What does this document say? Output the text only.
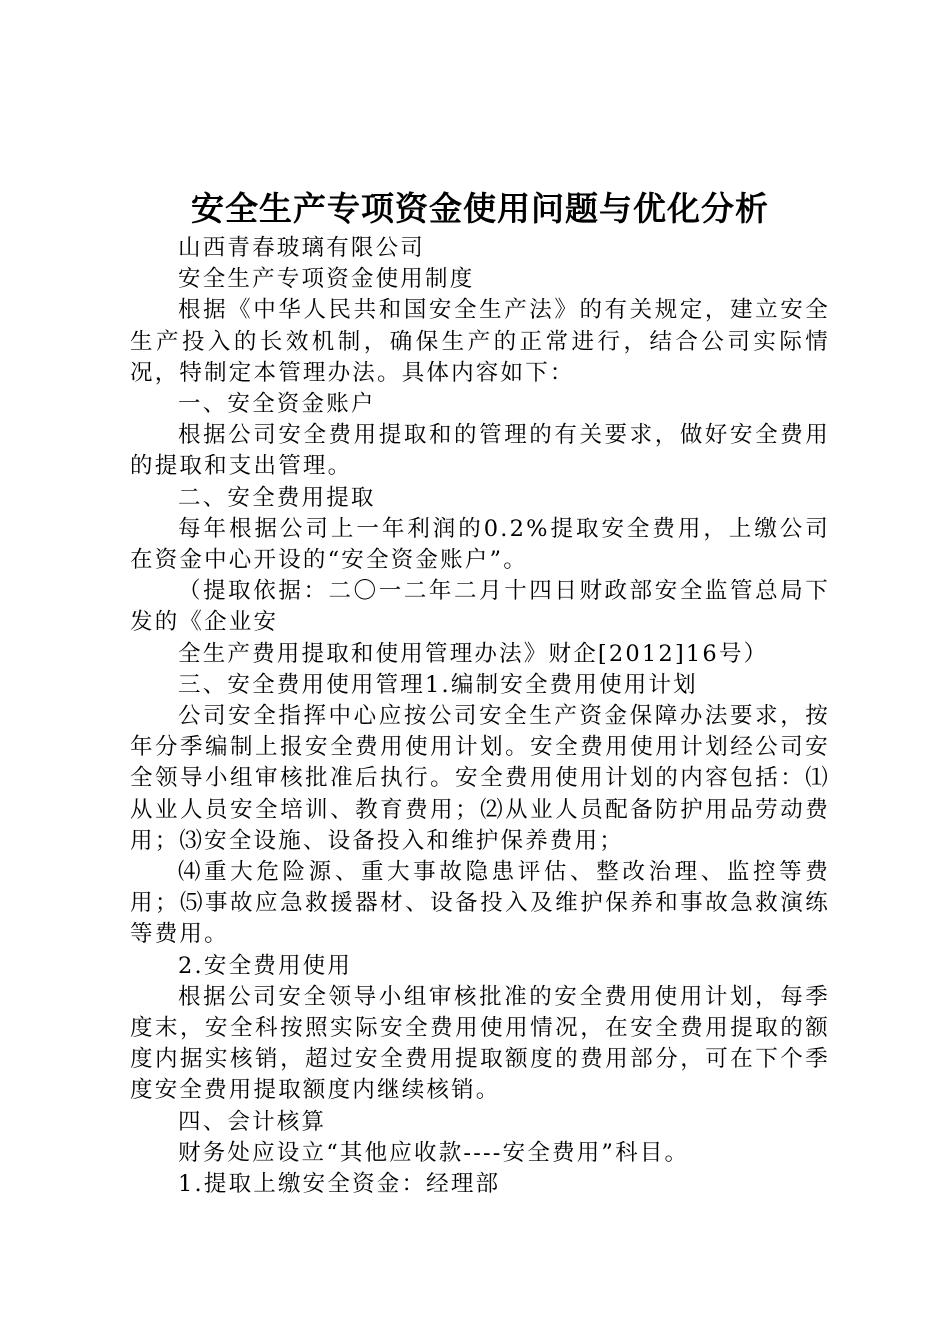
安全生产专项资金使用问题与优化分析

山西青春玻璃有限公司

安全生产专项资金使用制度

根据《中华人民共和国安全生产法》的有关规定，建立安全生产投入的长效机制，确保生产的正常进行，结合公司实际情况，特制定本管理办法。具体内容如下：

一、安全资金账户

根据公司安全费用提取和的管理的有关要求，做好安全费用的提取和支出管理。

二、安全费用提取

每年根据公司上一年利润的0.2%提取安全费用，上缴公司在资金中心开设的“安全资金账户”。

（提取依据：二〇一二年二月十四日财政部安全监管总局下发的《企业安

全生产费用提取和使用管理办法》财企[2012]16号）

三、安全费用使用管理1.编制安全费用使用计划

公司安全指挥中心应按公司安全生产资金保障办法要求，按年分季编制上报安全费用使用计划。安全费用使用计划经公司安全领导小组审核批准后执行。安全费用使用计划的内容包括：⑴从业人员安全培训、教育费用；⑵从业人员配备防护用品劳动费用；⑶安全设施、设备投入和维护保养费用；

⑷重大危险源、重大事故隐患评估、整改治理、监控等费用；⑸事故应急救援器材、设备投入及维护保养和事故急救演练等费用。

2.安全费用使用

根据公司安全领导小组审核批准的安全费用使用计划，每季度末，安全科按照实际安全费用使用情况，在安全费用提取的额度内据实核销，超过安全费用提取额度的费用部分，可在下个季度安全费用提取额度内继续核销。

四、会计核算

财务处应设立“其他应收款----安全费用”科目。

1.提取上缴安全资金：经理部
